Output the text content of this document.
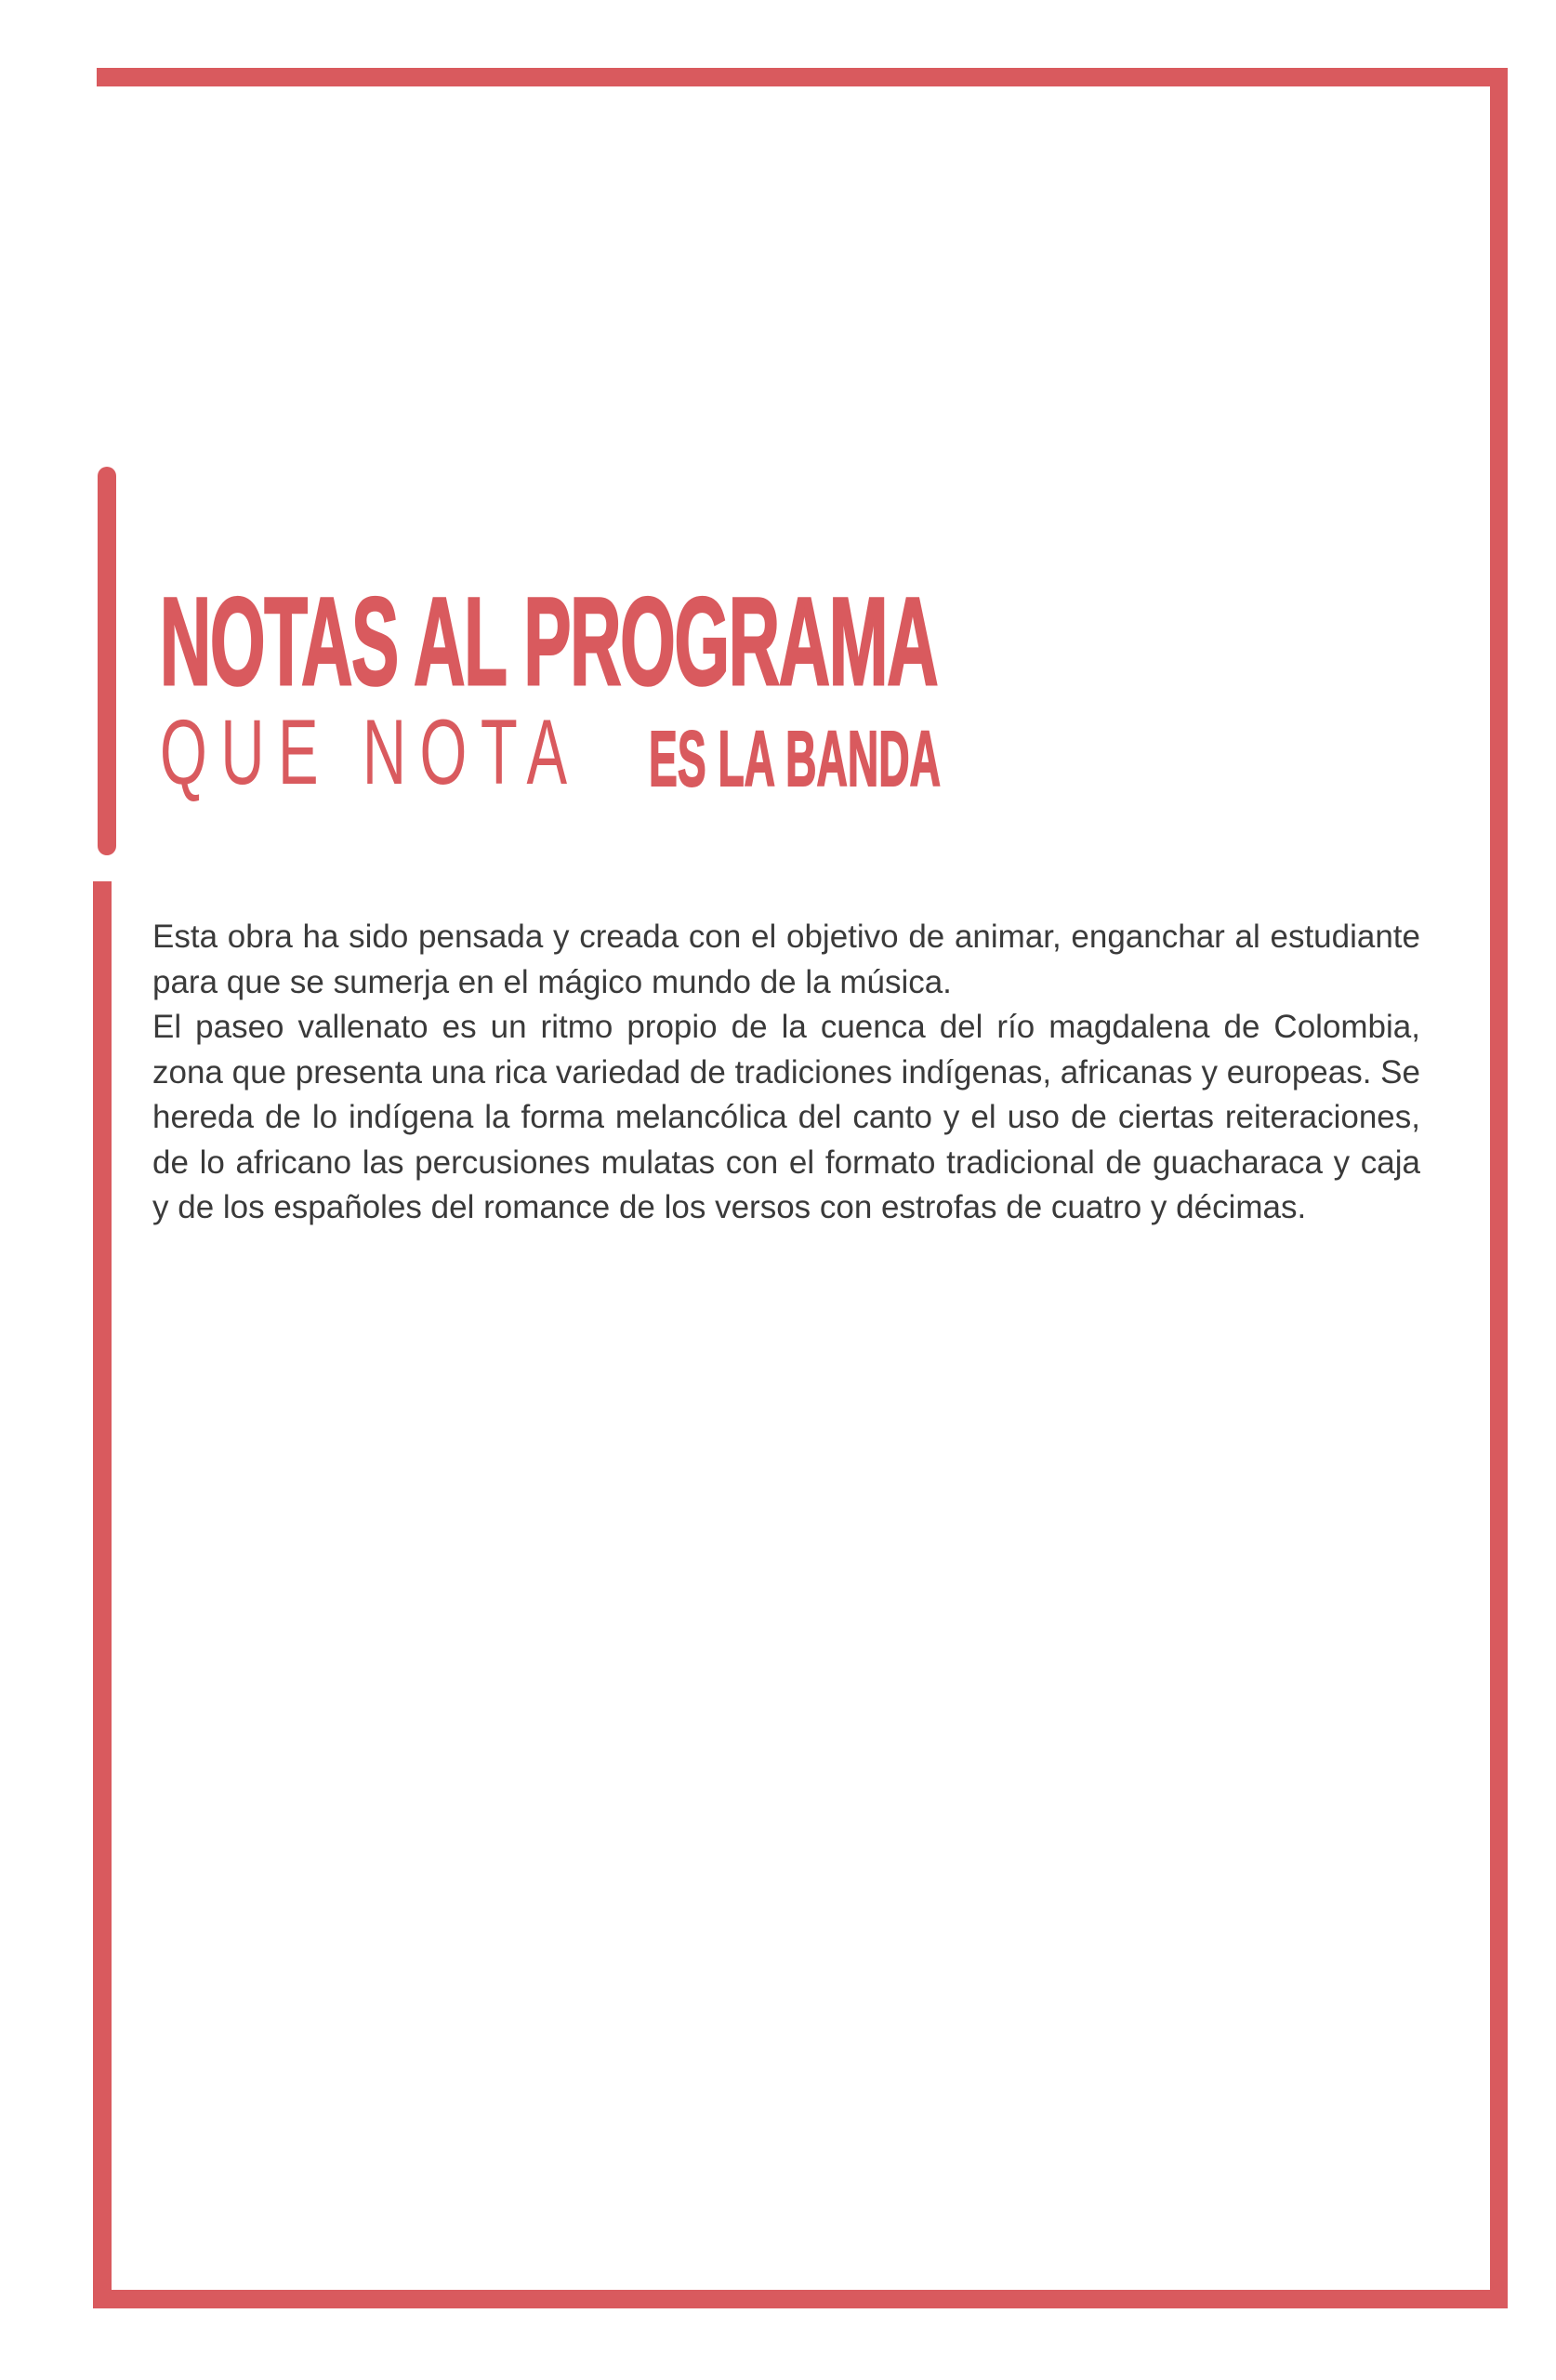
NOTAS AL PROGRAMA
QUE NOTA ES LA BANDA

Esta obra ha sido pensada y creada con el objetivo de animar, enganchar al estudiante para que se sumerja en el mágico mundo de la música.

El paseo vallenato es un ritmo propio de la cuenca del río magdalena de Colombia, zona que presenta una rica variedad de tradiciones indígenas, africanas y europeas. Se hereda de lo indígena la forma melancólica del canto y el uso de ciertas reiteraciones, de lo africano las percusiones mulatas con el formato tradicional de guacharaca y caja y de los españoles del romance de los versos con estrofas de cuatro y décimas.
